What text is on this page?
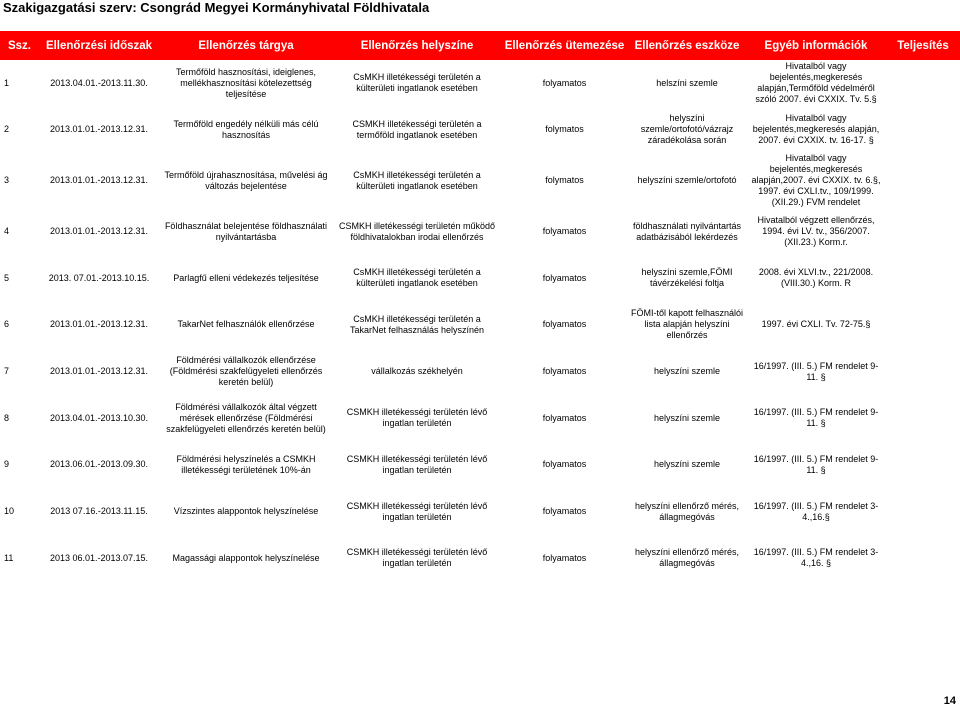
Szakigazgatási szerv: Csongrád Megyei Kormányhivatal Földhivatala
Ssz.	Ellenőrzési időszak	Ellenőrzés tárgya	Ellenőrzés helyszíne	Ellenőrzés ütemezése	Ellenőrzés eszköze	Egyéb információk	Teljesítés
1	2013.04.01.-2013.11.30.	Termőföld hasznosítási, ideiglenes, mellékhasznosítási kötelezettség teljesítése	CsMKH illetékességi területén a külterületi ingatlanok esetében	folyamatos	helszíni szemle	Hivatalból vagy bejelentés,megkeresés alapján,Termőföld védelméről szóló 2007. évi CXXIX. Tv. 5.§	
2	2013.01.01.-2013.12.31.	Termőföld engedély nélküli más célú hasznosítás	CSMKH illetékességi területén a termőföld ingatlanok esetében	folymatos	helyszíni szemle/ortofotó/vázrajz záradékolása során	Hivatalból vagy bejelentés,megkeresés alapján, 2007. évi CXXIX. tv. 16-17. §	
3	2013.01.01.-2013.12.31.	Termőföld újrahasznosítása, művelési ág változás bejelentése	CsMKH illetékességi területén a külterületi ingatlanok esetében	folymatos	helyszíni szemle/ortofotó	Hivatalból vagy bejelentés,megkeresés alapján,2007. évi CXXIX. tv. 6.§, 1997. évi CXLI.tv., 109/1999.(XII.29.) FVM rendelet	
4	2013.01.01.-2013.12.31.	Földhasználat belejentése földhasználati nyilvántartásba	CSMKH illetékességi területén működő földhivatalokban irodai ellenőrzés	folyamatos	földhasználati nyilvántartás adatbázisából lekérdezés	Hivatalból végzett ellenőrzés, 1994. évi LV. tv., 356/2007.(XII.23.) Korm.r.	
5	2013. 07.01.-2013.10.15.	Parlagfű elleni védekezés teljesítése	CsMKH illetékességi területén a külterületi ingatlanok esetében	folyamatos	helyszíni szemle,FÖMI távérzékelési foltja	2008. évi XLVI.tv., 221/2008.(VIII.30.) Korm. R	
6	2013.01.01.-2013.12.31.	TakarNet felhasználók ellenőrzése	CsMKH illetékességi területén a TakarNet felhasználás helyszínén	folyamatos	FÖMI-től kapott felhasználói lista alapján helyszíni ellenőrzés	1997. évi CXLI. Tv. 72-75.§	
7	2013.01.01.-2013.12.31.	Földmérési vállalkozók ellenőrzése (Földmérési szakfelügyeleti ellenőrzés keretén belül)	vállalkozás székhelyén	folyamatos	helyszíni szemle	16/1997. (III. 5.) FM rendelet 9-11. §	
8	2013.04.01.-2013.10.30.	Földmérési vállalkozók által végzett mérések ellenőrzése (Földmérési szakfelügyeleti ellenőrzés keretén belül)	CSMKH illetékességi területén lévő ingatlan területén	folyamatos	helyszíni szemle	16/1997. (III. 5.) FM rendelet 9-11. §	
9	2013.06.01.-2013.09.30.	Földmérési helyszínelés a CSMKH illetékességi területének 10%-án	CSMKH illetékességi területén lévő ingatlan területén	folyamatos	helyszíni szemle	16/1997. (III. 5.) FM rendelet 9-11. §	
10	2013 07.16.-2013.11.15.	Vízszintes alappontok helyszínelése	CSMKH illetékességi területén lévő ingatlan területén	folyamatos	helyszíni ellenőrző mérés, állagmegóvás	16/1997. (III. 5.) FM rendelet 3-4.,16.§	
11	2013 06.01.-2013.07.15.	Magassági alappontok helyszínelése	CSMKH illetékességi területén lévő ingatlan területén	folyamatos	helyszíni ellenőrző mérés, állagmegóvás	16/1997. (III. 5.) FM rendelet 3-4.,16. §	
14
